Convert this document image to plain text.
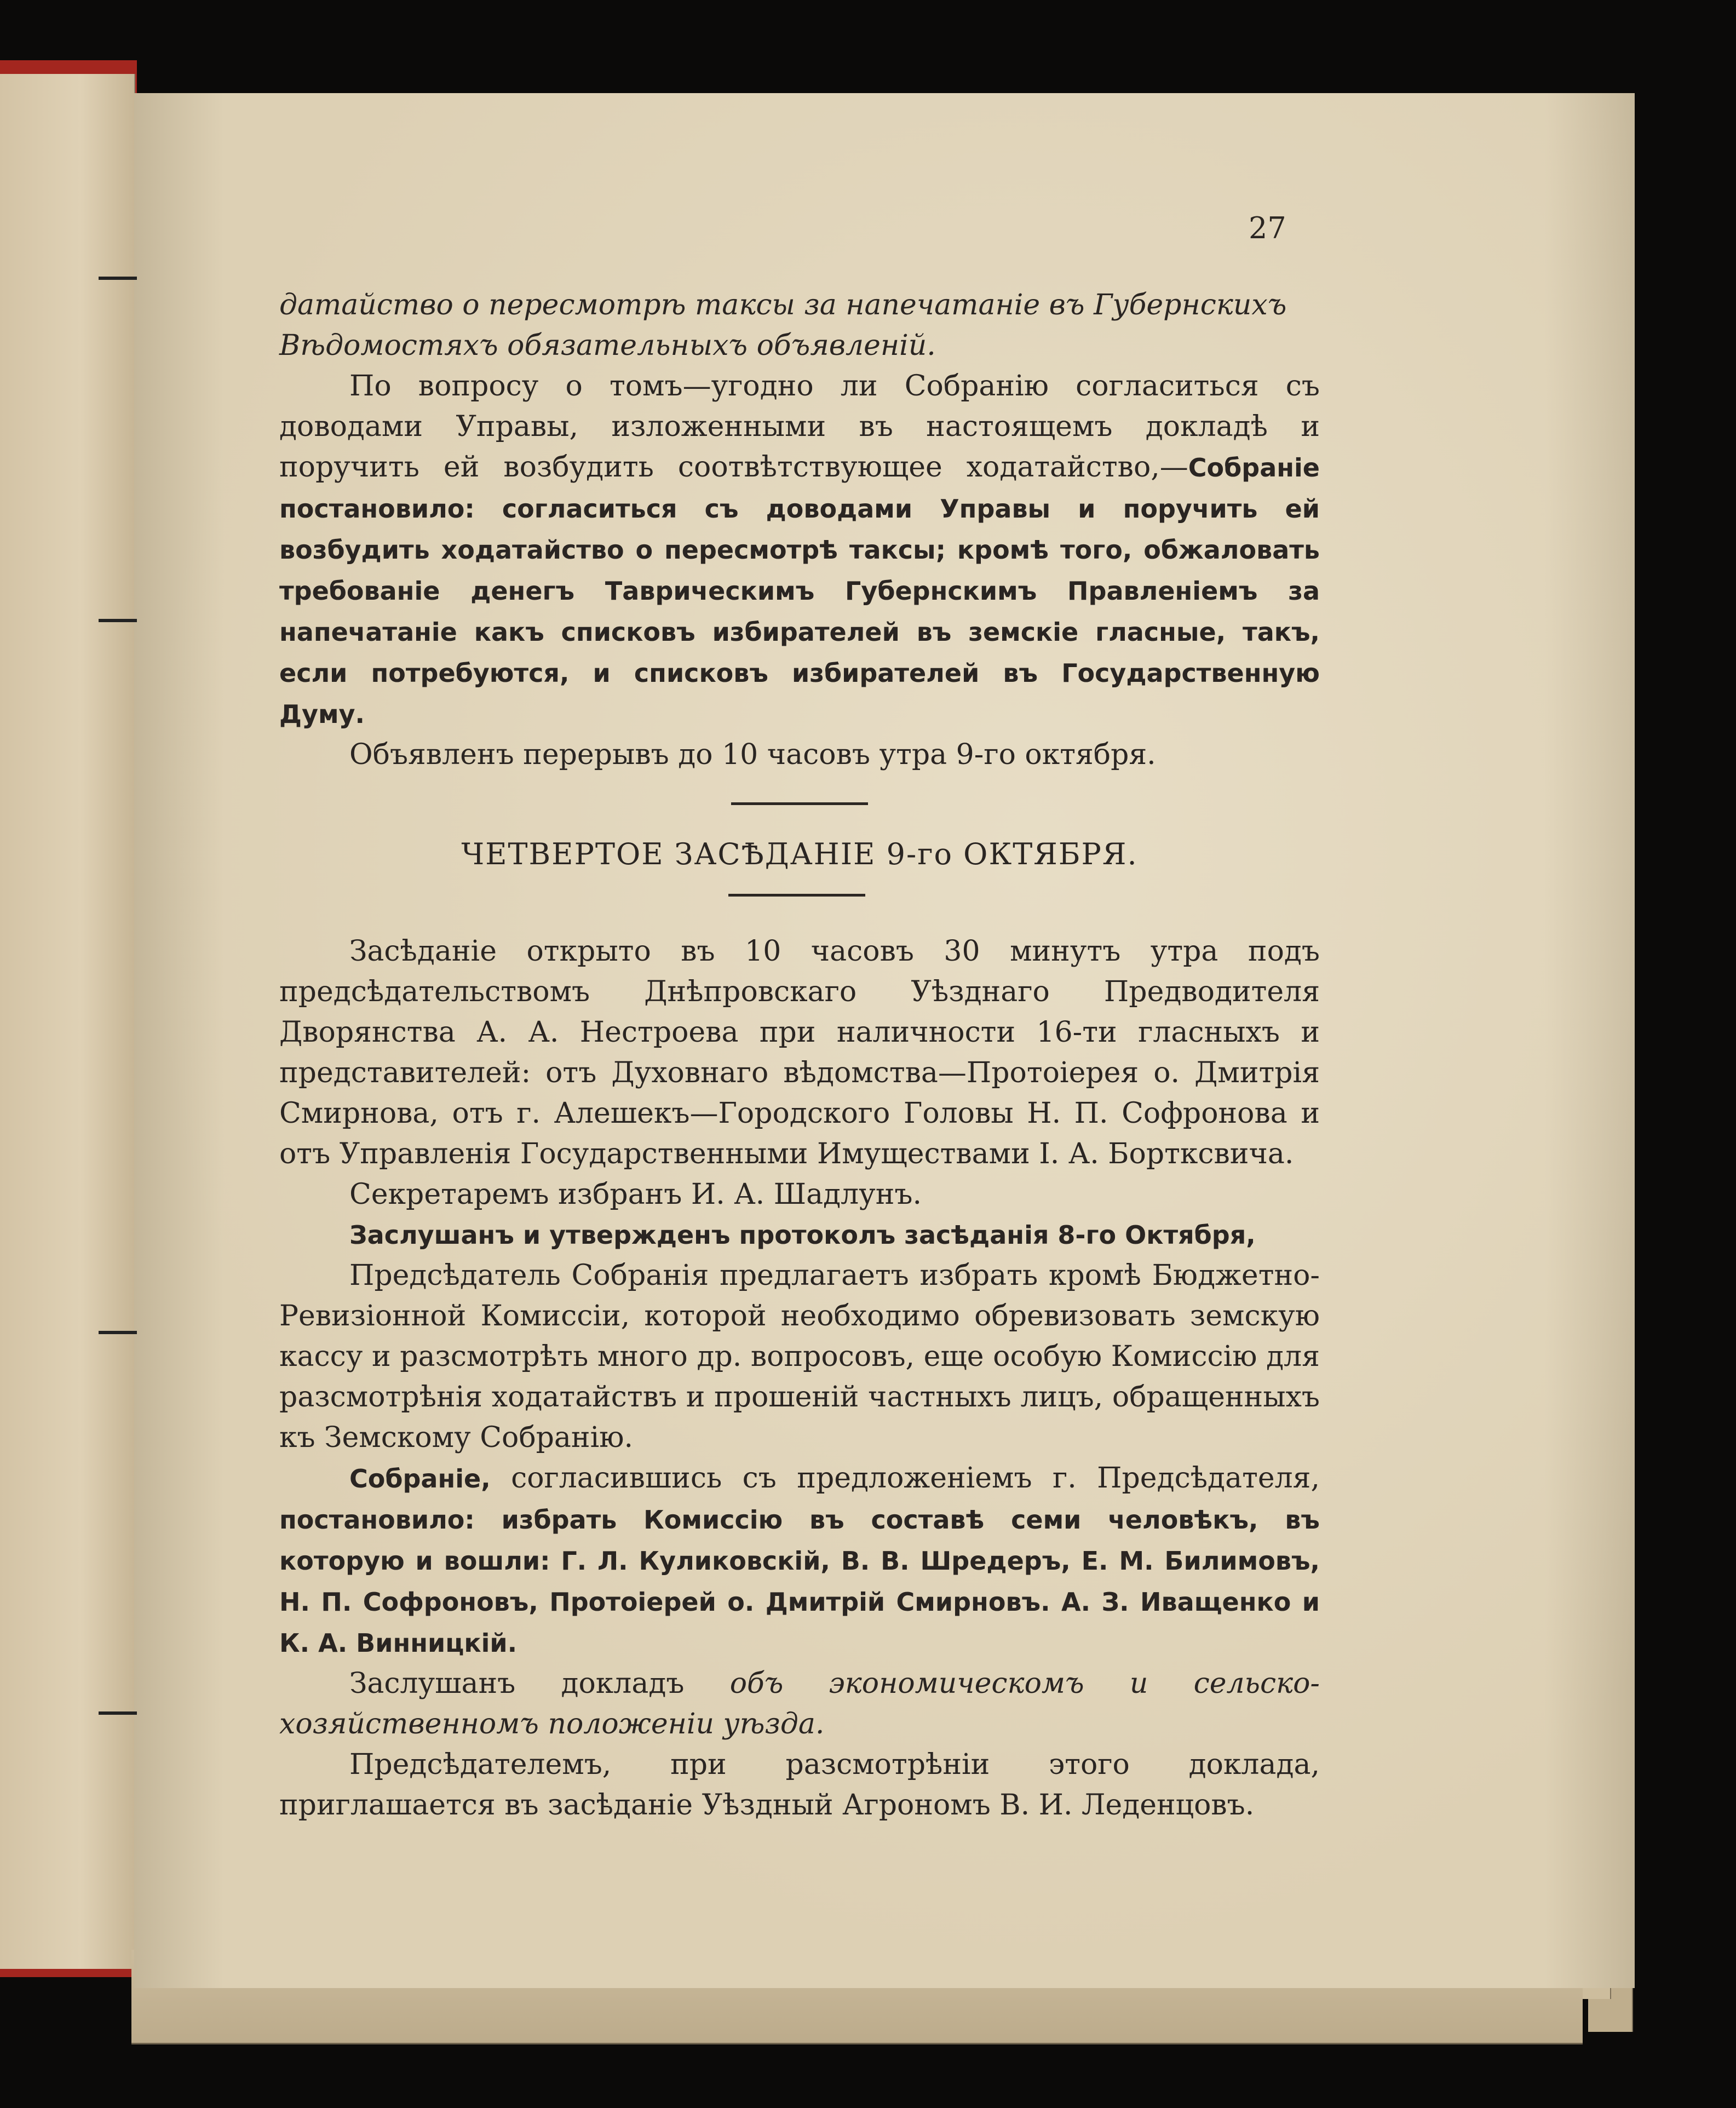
27

датайство о пересмотрѣ таксы за напечатаніе въ Губернскихъ

Вѣдомостяхъ обязательныхъ объявленій.

По вопросу о томъ—угодно ли Собранію согласиться съ доводами Управы, изложенными въ настоящемъ докладѣ и поручить ей возбудить соотвѣтствующее ходатайство,—Собраніе постановило: согласиться съ доводами Управы и поручить ей возбудить ходатайство о пересмотрѣ таксы; кромѣ того, обжаловать требованіе денегъ Таврическимъ Губернскимъ Правленіемъ за напечатаніе какъ списковъ избирателей въ земскіе гласные, такъ, если потребуются, и списковъ избирателей въ Государственную Думу.

Объявленъ перерывъ до 10 часовъ утра 9-го октября.

ЧЕТВЕРТОЕ ЗАСѢДАНІЕ 9-го ОКТЯБРЯ.

Засѣданіе открыто въ 10 часовъ 30 минутъ утра подъ предсѣдательствомъ Днѣпровскаго Уѣзднаго Предводителя Дворянства А. А. Нестроева при наличности 16-ти гласныхъ и представителей: отъ Духовнаго вѣдомства—Протоіерея о. Дмитрія Смирнова, отъ г. Алешекъ—Городского Головы Н. П. Софронова и отъ Управленія Государственными Имуществами І. А. Бортксвича.

Секретаремъ избранъ И. А. Шадлунъ.

Заслушанъ и утвержденъ протоколъ засѣданія 8-го Октября,

Предсѣдатель Собранія предлагаетъ избрать кромѣ Бюджетно-Ревизіонной Комиссіи, которой необходимо обревизовать земскую кассу и разсмотрѣть много др. вопросовъ, еще особую Комиссію для разсмотрѣнія ходатайствъ и прошеній частныхъ лицъ, обращенныхъ къ Земскому Собранію.

Собраніе, согласившись съ предложеніемъ г. Предсѣдателя, постановило: избрать Комиссію въ составѣ семи человѣкъ, въ которую и вошли: Г. Л. Куликовскій, В. В. Шредеръ, Е. М. Билимовъ, Н. П. Софроновъ, Протоіерей о. Дмитрій Смирновъ. А. З. Иващенко и К. А. Винницкій.

Заслушанъ докладъ объ экономическомъ и сельско-хозяйственномъ положеніи уѣзда.

Предсѣдателемъ, при разсмотрѣніи этого доклада, приглашается въ засѣданіе Уѣздный Агрономъ В. И. Леденцовъ.
